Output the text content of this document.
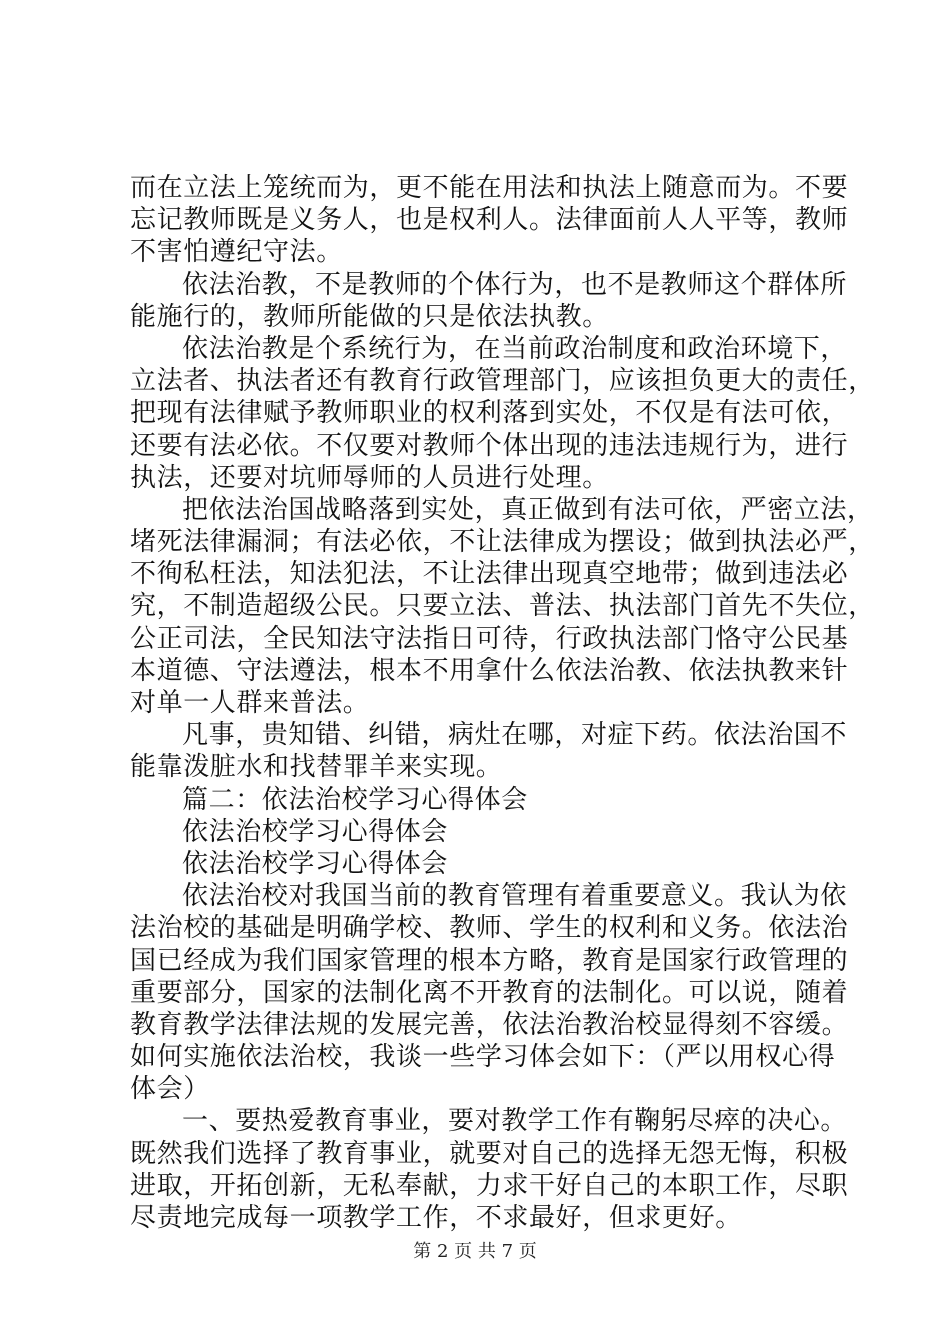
而在立法上笼统而为，更不能在用法和执法上随意而为。不要
忘记教师既是义务人，也是权利人。法律面前人人平等，教师
不害怕遵纪守法。
依法治教，不是教师的个体行为，也不是教师这个群体所
能施行的，教师所能做的只是依法执教。
依法治教是个系统行为，在当前政治制度和政治环境下，
立法者、执法者还有教育行政管理部门，应该担负更大的责任，
把现有法律赋予教师职业的权利落到实处，不仅是有法可依，
还要有法必依。不仅要对教师个体出现的违法违规行为，进行
执法，还要对坑师辱师的人员进行处理。
把依法治国战略落到实处，真正做到有法可依，严密立法，
堵死法律漏洞；有法必依，不让法律成为摆设；做到执法必严，
不徇私枉法，知法犯法，不让法律出现真空地带；做到违法必
究，不制造超级公民。只要立法、普法、执法部门首先不失位，
公正司法，全民知法守法指日可待，行政执法部门恪守公民基
本道德、守法遵法，根本不用拿什么依法治教、依法执教来针
对单一人群来普法。
凡事，贵知错、纠错，病灶在哪，对症下药。依法治国不
能靠泼脏水和找替罪羊来实现。
篇二：依法治校学习心得体会
依法治校学习心得体会
依法治校学习心得体会
依法治校对我国当前的教育管理有着重要意义。我认为依
法治校的基础是明确学校、教师、学生的权利和义务。依法治
国已经成为我们国家管理的根本方略，教育是国家行政管理的
重要部分，国家的法制化离不开教育的法制化。可以说，随着
教育教学法律法规的发展完善，依法治教治校显得刻不容缓。
如何实施依法治校，我谈一些学习体会如下：（严以用权心得
体会）
一、要热爱教育事业，要对教学工作有鞠躬尽瘁的决心。
既然我们选择了教育事业，就要对自己的选择无怨无悔，积极
进取，开拓创新，无私奉献，力求干好自己的本职工作，尽职
尽责地完成每一项教学工作，不求最好，但求更好。
第 2 页 共 7 页
